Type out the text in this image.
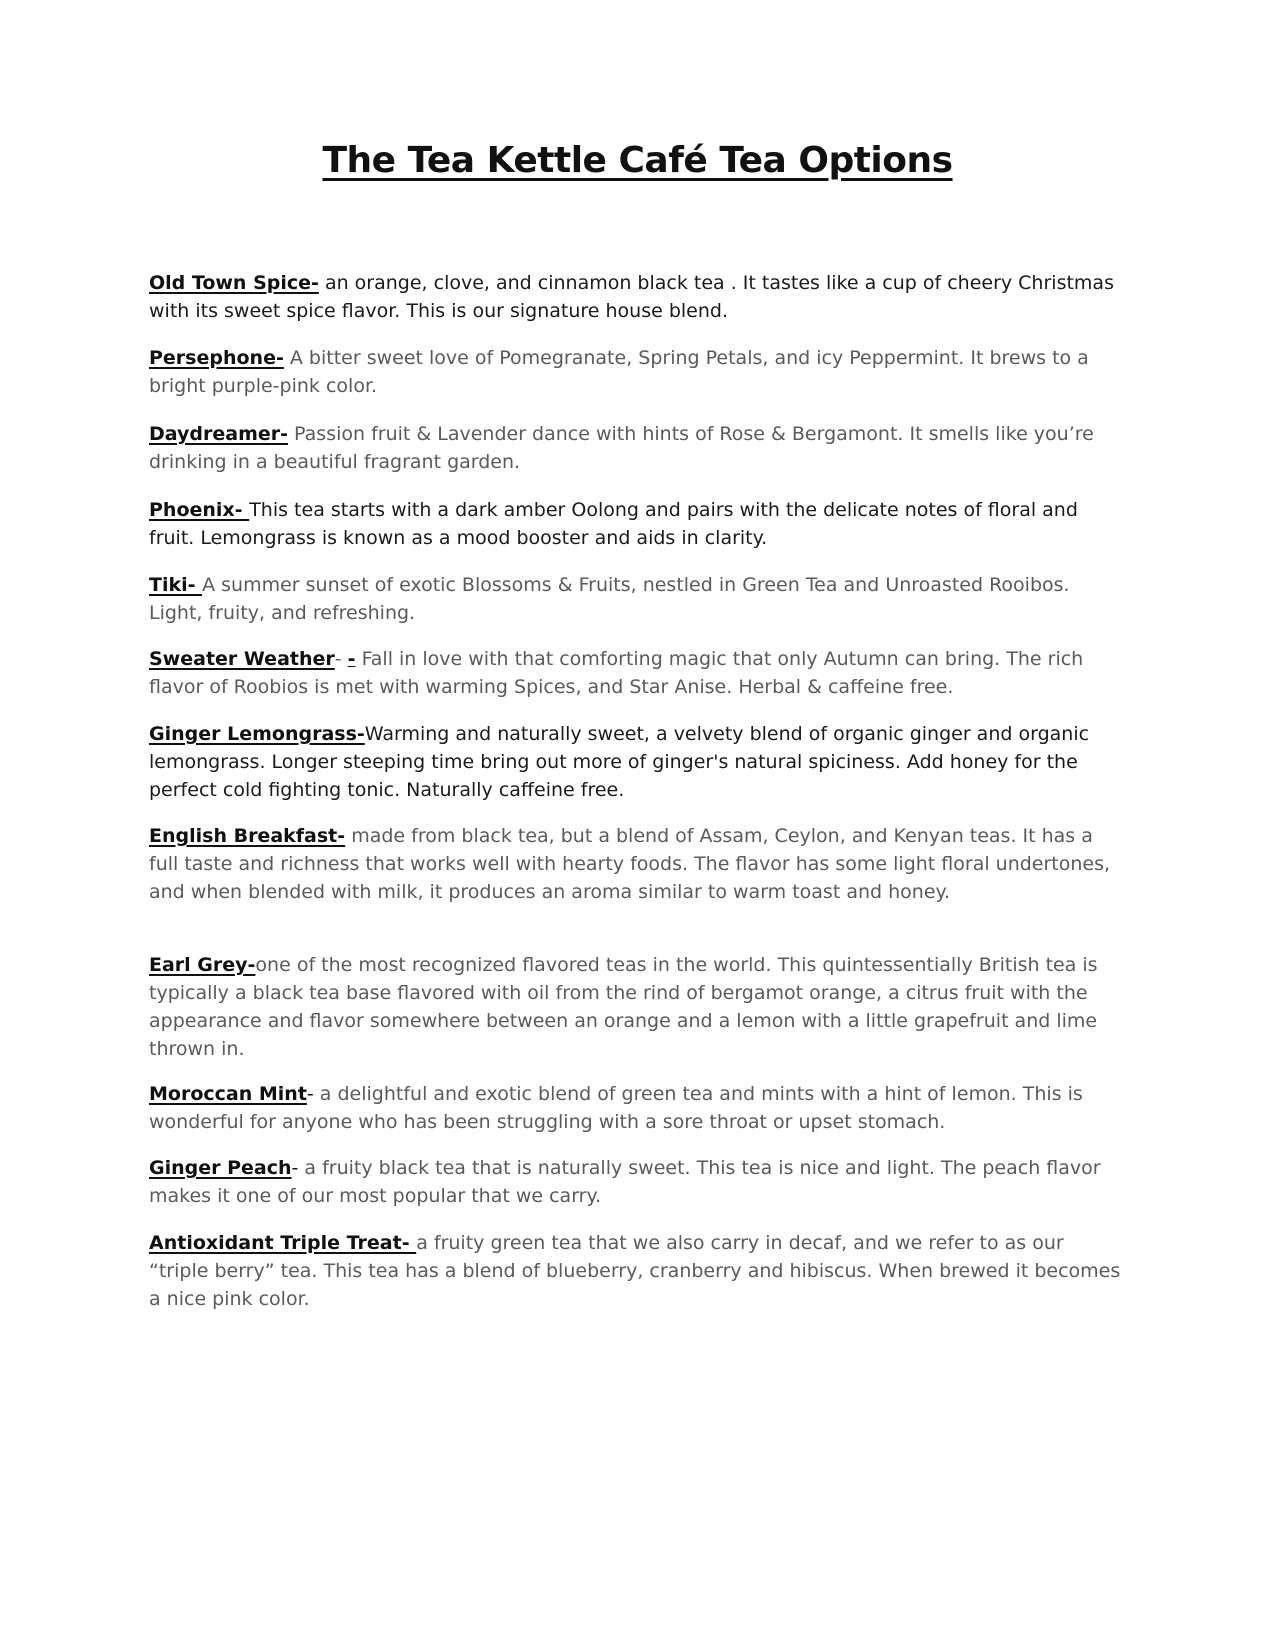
The Tea Kettle Café Tea Options
Old Town Spice- an orange, clove, and cinnamon black tea . It tastes like a cup of cheery Christmas with its sweet spice flavor. This is our signature house blend.
Persephone- A bitter sweet love of Pomegranate, Spring Petals, and icy Peppermint. It brews to a bright purple-pink color.
Daydreamer- Passion fruit & Lavender dance with hints of Rose & Bergamont. It smells like you’re drinking in a beautiful fragrant garden.
Phoenix- This tea starts with a dark amber Oolong and pairs with the delicate notes of floral and fruit. Lemongrass is known as a mood booster and aids in clarity.
Tiki- A summer sunset of exotic Blossoms & Fruits, nestled in Green Tea and Unroasted Rooibos. Light, fruity, and refreshing.
Sweater Weather- - Fall in love with that comforting magic that only Autumn can bring. The rich flavor of Roobios is met with warming Spices, and Star Anise. Herbal & caffeine free.
Ginger Lemongrass-Warming and naturally sweet, a velvety blend of organic ginger and organic lemongrass. Longer steeping time bring out more of ginger's natural spiciness. Add honey for the perfect cold fighting tonic. Naturally caffeine free.
English Breakfast- made from black tea, but a blend of Assam, Ceylon, and Kenyan teas. It has a full taste and richness that works well with hearty foods. The flavor has some light floral undertones, and when blended with milk, it produces an aroma similar to warm toast and honey.
Earl Grey-one of the most recognized flavored teas in the world. This quintessentially British tea is typically a black tea base flavored with oil from the rind of bergamot orange, a citrus fruit with the appearance and flavor somewhere between an orange and a lemon with a little grapefruit and lime thrown in.
Moroccan Mint- a delightful and exotic blend of green tea and mints with a hint of lemon. This is wonderful for anyone who has been struggling with a sore throat or upset stomach.
Ginger Peach- a fruity black tea that is naturally sweet. This tea is nice and light. The peach flavor makes it one of our most popular that we carry.
Antioxidant Triple Treat- a fruity green tea that we also carry in decaf, and we refer to as our “triple berry” tea. This tea has a blend of blueberry, cranberry and hibiscus. When brewed it becomes a nice pink color.
